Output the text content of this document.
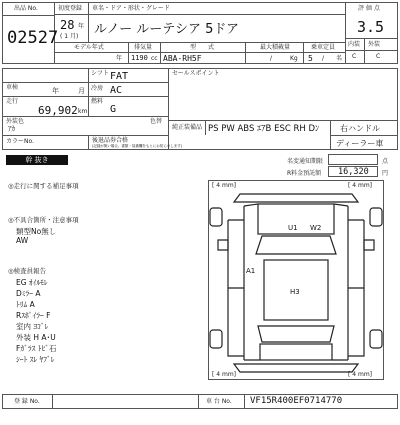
出品 No.
02527
初度登録
28 年
( 1 月)
車名・ドア・形状・グレード
ルノー ルーテシア 5ドア
モデル年式
年
排気量
1190 cc
型　　式
ABA-RH5F
最大積載量
/	Kg
乗車定員
5 / 名
評 価 点
3.5
内装 外装
C	C
車検	年	月
シフト FAT
冷房 AC
走行
69,902 km
燃料
G
外装色
ｱｶ
色替
カラーNo.	後退品券合格
(記録が無い場合、書類・装備欄をもとにお知らせします)
セールスポイント
純正装備品 PS PW ABS ｴｱB ESC RH Dﾝ	右ハンドル
ディーラー車
幹 抜き	名変通知期限	点
R料金預託額 16,320 円
◎走行に関する補足事項
◎不具合箇所・注意事項
類型No無し
AW
◎検査員報告
EG ｵｲﾙﾓﾚ
Dﾐﾗｰ A
ﾄﾘﾑ A
Rｽﾎﾟｲﾗｰ F
室内 ﾖｺﾞﾚ
外装 H A･U
Fｶﾞﾗｽ ﾄﾋﾞ石
ｼｰﾄ ｽﾚ ﾔﾌﾞﾚ
[ 4 mm]	[ 4 mm]
[ 4 mm]	[ 4 mm]
U1 W2
A1
H3
登 録 No.	車 台 No. VF15R400EF0714770
